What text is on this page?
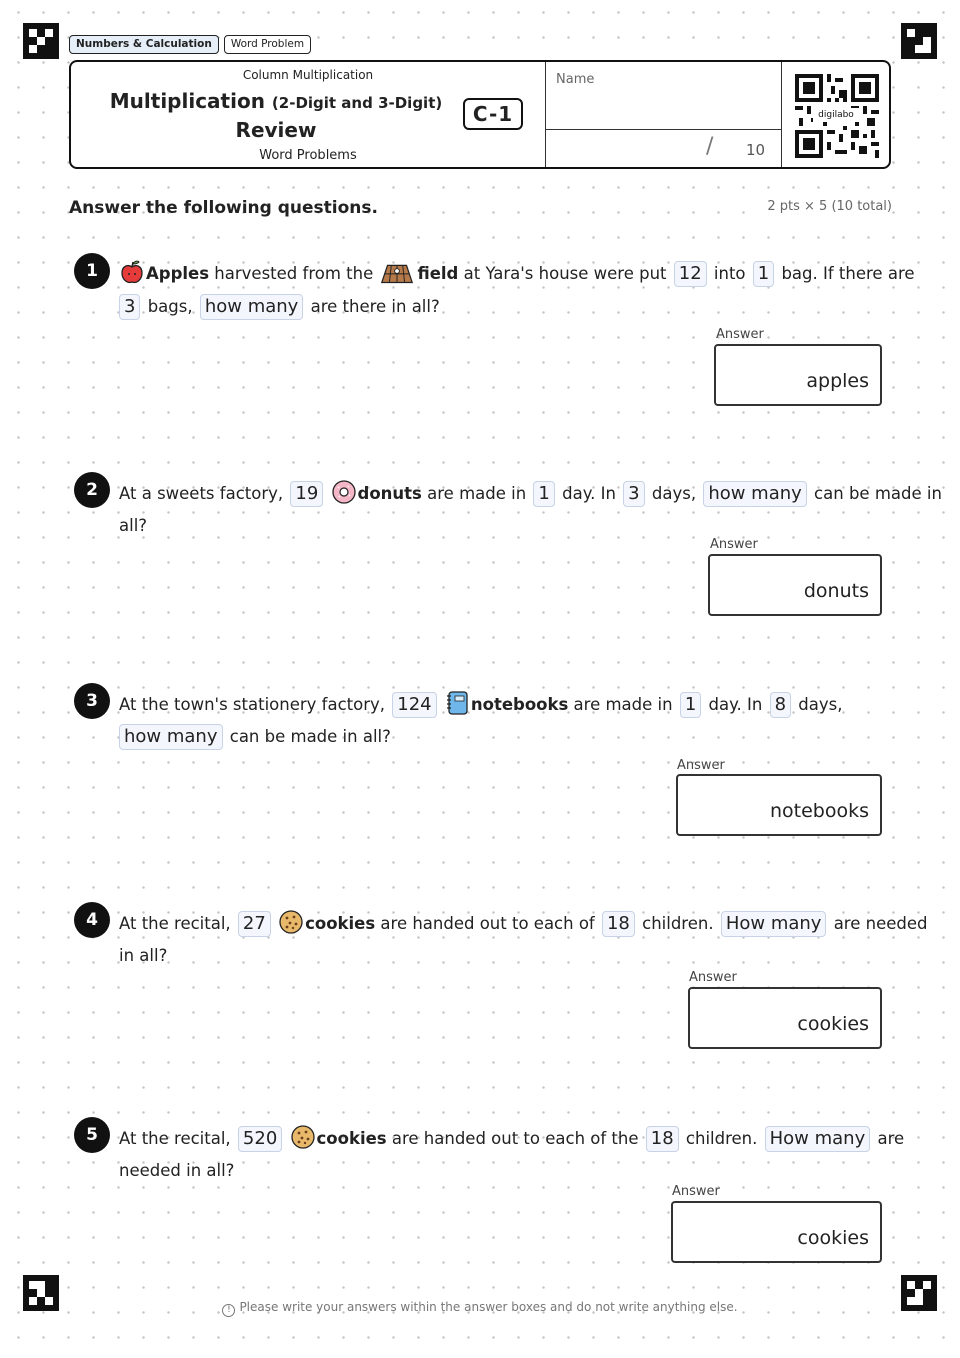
Numbers & Calculation	Word Problem
Column Multiplication
Multiplication (2-Digit and 3-Digit)
Review
Word Problems
C-1
Name
/ 10
digilabo
Answer the following questions.	2 pts × 5 (10 total)
1	Apples harvested from the field at Yara's house were put 12 into 1 bag. If there are
3 bags, how many are there in all?
Answer
apples
2	At a sweets factory, 19 donuts are made in 1 day. In 3 days, how many can be made in
all?
Answer
donuts
3	At the town's stationery factory, 124 notebooks are made in 1 day. In 8 days,
how many can be made in all?
Answer
notebooks
4	At the recital, 27 cookies are handed out to each of 18 children. How many are needed
in all?
Answer
cookies
5	At the recital, 520 cookies are handed out to each of the 18 children. How many are
needed in all?
Answer
cookies
! Please write your answers within the answer boxes and do not write anything else.
